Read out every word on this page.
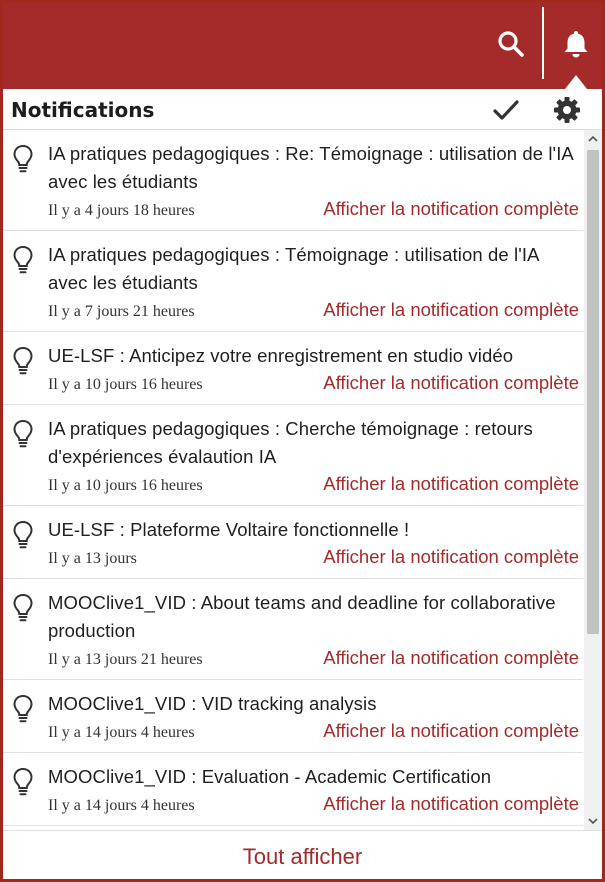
Notifications
IA pratiques pedagogiques : Re: Témoignage : utilisation de l'IA avec les étudiants
Il y a 4 jours 18 heures	Afficher la notification complète
IA pratiques pedagogiques : Témoignage : utilisation de l'IA avec les étudiants
Il y a 7 jours 21 heures	Afficher la notification complète
UE-LSF : Anticipez votre enregistrement en studio vidéo
Il y a 10 jours 16 heures	Afficher la notification complète
IA pratiques pedagogiques : Cherche témoignage : retours d'expériences évalaution IA
Il y a 10 jours 16 heures	Afficher la notification complète
UE-LSF : Plateforme Voltaire fonctionnelle !
Il y a 13 jours	Afficher la notification complète
MOOClive1_VID : About teams and deadline for collaborative production
Il y a 13 jours 21 heures	Afficher la notification complète
MOOClive1_VID : VID tracking analysis
Il y a 14 jours 4 heures	Afficher la notification complète
MOOClive1_VID : Evaluation - Academic Certification
Il y a 14 jours 4 heures	Afficher la notification complète
Tout afficher
